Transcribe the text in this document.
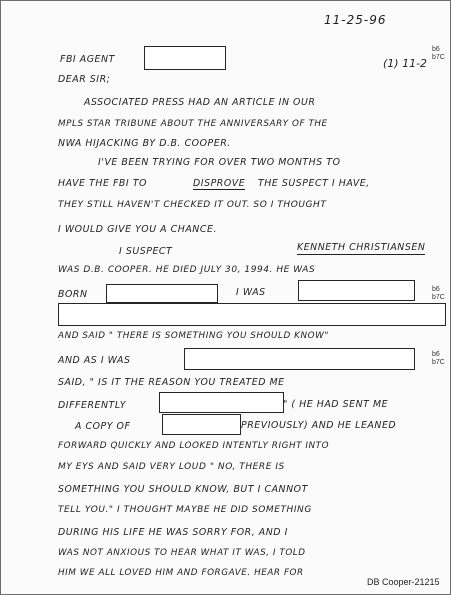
11-25-96
(1) 11-2
b6
b7C
FBI AGENT
DEAR SIR;
ASSOCIATED PRESS HAD AN ARTICLE IN OUR
MPLS STAR TRIBUNE ABOUT THE ANNIVERSARY OF THE
NWA HIJACKING BY D.B. COOPER.
I'VE BEEN TRYING FOR OVER TWO MONTHS TO
HAVE THE FBI TO	DISPROVE THE SUSPECT I HAVE,
THEY STILL HAVEN'T CHECKED IT OUT. SO I THOUGHT
I WOULD GIVE YOU A CHANCE.
I SUSPECT	KENNETH CHRISTIANSEN
WAS D.B. COOPER. HE DIED JULY 30, 1994. HE WAS
BORN	I WAS	b6
b7C
AND SAID " THERE IS SOMETHING YOU SHOULD KNOW"
AND AS I WAS
b6
b7C
SAID, " IS IT THE REASON YOU TREATED ME
DIFFERENTLY	" ( HE HAD SENT ME
A COPY OF	PREVIOUSLY) AND HE LEANED
FORWARD QUICKLY AND LOOKED INTENTLY RIGHT INTO
MY EYS AND SAID VERY LOUD " NO, THERE IS
SOMETHING YOU SHOULD KNOW, BUT I CANNOT
TELL YOU." I THOUGHT MAYBE HE DID SOMETHING
DURING HIS LIFE HE WAS SORRY FOR, AND I
WAS NOT ANXIOUS TO HEAR WHAT IT WAS, I TOLD
HIM WE ALL LOVED HIM AND FORGAVE. HEAR FOR
DB Cooper-21215
